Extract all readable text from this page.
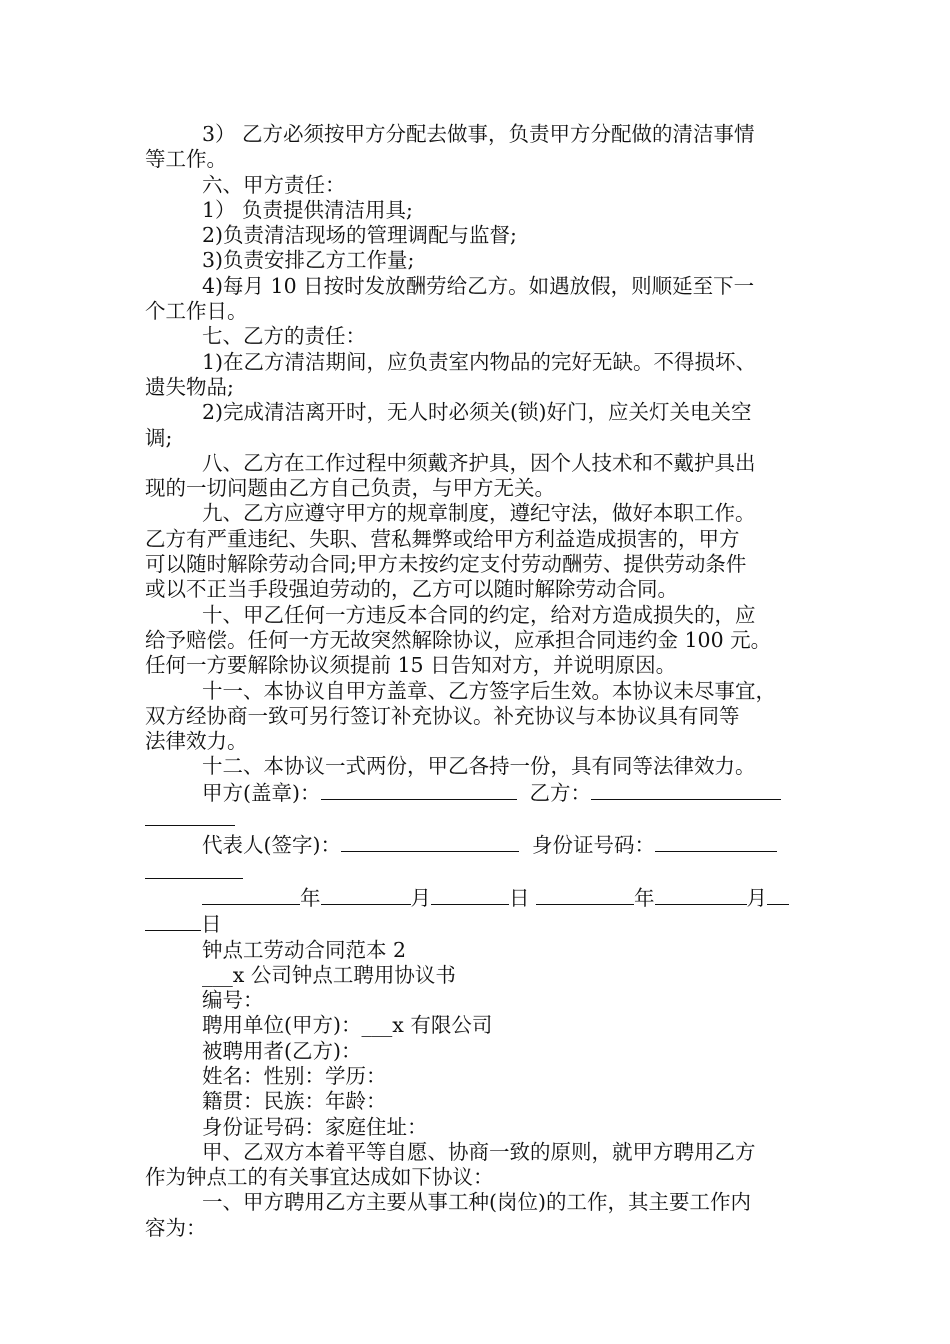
3） 乙方必须按甲方分配去做事，负责甲方分配做的清洁事情

等工作。

六、甲方责任：

1） 负责提供清洁用具;

2)负责清洁现场的管理调配与监督;

3)负责安排乙方工作量;

4)每月 10 日按时发放酬劳给乙方。如遇放假，则顺延至下一

个工作日。

七、乙方的责任：

1)在乙方清洁期间，应负责室内物品的完好无缺。不得损坏、

遗失物品;

2)完成清洁离开时，无人时必须关(锁)好门，应关灯关电关空

调;

八、乙方在工作过程中须戴齐护具，因个人技术和不戴护具出

现的一切问题由乙方自己负责，与甲方无关。

九、乙方应遵守甲方的规章制度，遵纪守法，做好本职工作。

乙方有严重违纪、失职、营私舞弊或给甲方利益造成损害的，甲方

可以随时解除劳动合同;甲方未按约定支付劳动酬劳、提供劳动条件

或以不正当手段强迫劳动的，乙方可以随时解除劳动合同。

十、甲乙任何一方违反本合同的约定，给对方造成损失的，应

给予赔偿。任何一方无故突然解除协议，应承担合同违约金 100 元。

任何一方要解除协议须提前 15 日告知对方，并说明原因。

十一、本协议自甲方盖章、乙方签字后生效。本协议未尽事宜，

双方经协商一致可另行签订补充协议。补充协议与本协议具有同等

法律效力。

十二、本协议一式两份，甲乙各持一份，具有同等法律效力。

甲方(盖章)：	乙方：

代表人(签字)：	身份证号码：

年	月	日	年	月

日

钟点工劳动合同范本 2

___x 公司钟点工聘用协议书

编号：

聘用单位(甲方)：___x 有限公司

被聘用者(乙方)：

姓名：性别：学历：

籍贯：民族：年龄：

身份证号码：家庭住址：

甲、乙双方本着平等自愿、协商一致的原则，就甲方聘用乙方

作为钟点工的有关事宜达成如下协议：

一、甲方聘用乙方主要从事工种(岗位)的工作，其主要工作内

容为：
